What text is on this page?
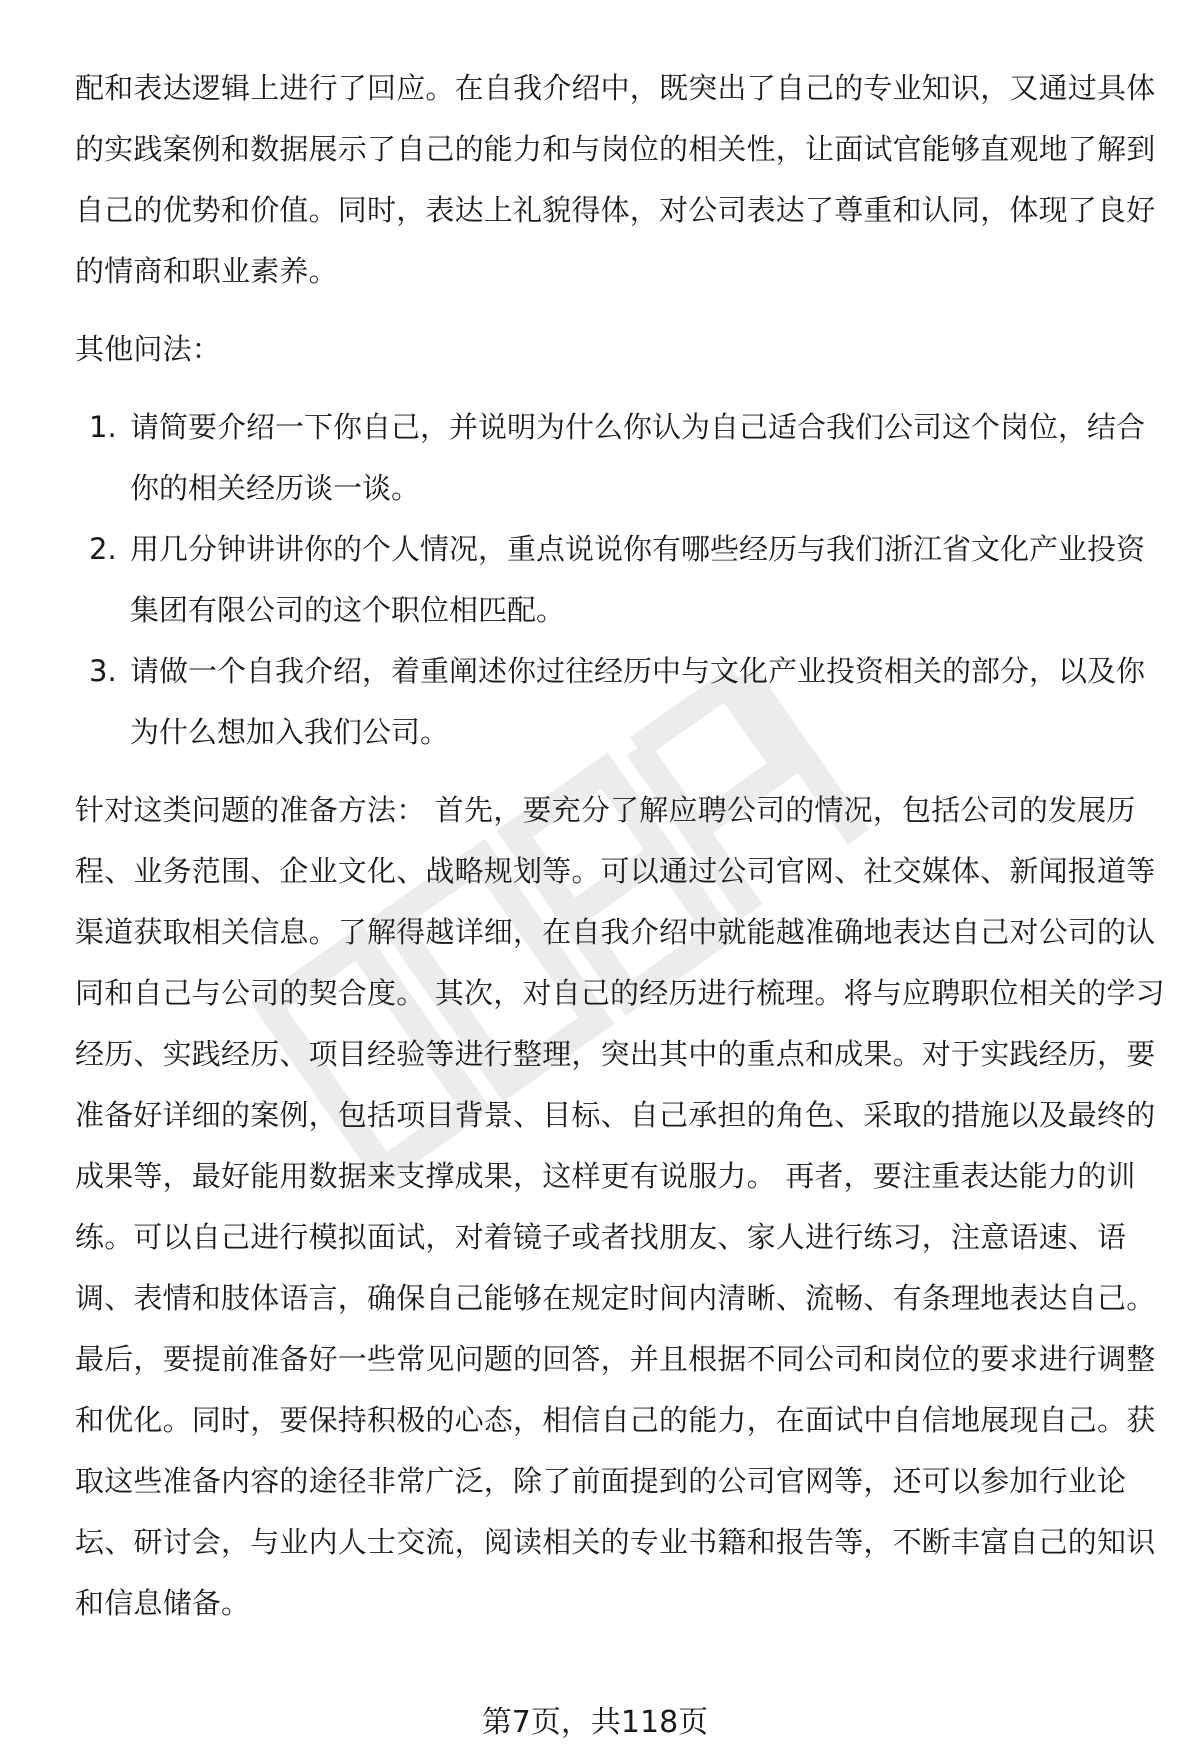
配和表达逻辑上进行了回应。在自我介绍中，既突出了自己的专业知识，又通过具体的实践案例和数据展示了自己的能力和与岗位的相关性，让面试官能够直观地了解到自己的优势和价值。同时，表达上礼貌得体，对公司表达了尊重和认同，体现了良好的情商和职业素养。

其他问法：

1. 请简要介绍一下你自己，并说明为什么你认为自己适合我们公司这个岗位，结合你的相关经历谈一谈。
2. 用几分钟讲讲你的个人情况，重点说说你有哪些经历与我们浙江省文化产业投资集团有限公司的这个职位相匹配。
3. 请做一个自我介绍，着重阐述你过往经历中与文化产业投资相关的部分，以及你为什么想加入我们公司。

针对这类问题的准备方法： 首先，要充分了解应聘公司的情况，包括公司的发展历程、业务范围、企业文化、战略规划等。可以通过公司官网、社交媒体、新闻报道等渠道获取相关信息。了解得越详细，在自我介绍中就能越准确地表达自己对公司的认同和自己与公司的契合度。 其次，对自己的经历进行梳理。将与应聘职位相关的学习经历、实践经历、项目经验等进行整理，突出其中的重点和成果。对于实践经历，要准备好详细的案例，包括项目背景、目标、自己承担的角色、采取的措施以及最终的成果等，最好能用数据来支撑成果，这样更有说服力。 再者，要注重表达能力的训练。可以自己进行模拟面试，对着镜子或者找朋友、家人进行练习，注意语速、语调、表情和肢体语言，确保自己能够在规定时间内清晰、流畅、有条理地表达自己。 最后，要提前准备好一些常见问题的回答，并且根据不同公司和岗位的要求进行调整和优化。同时，要保持积极的心态，相信自己的能力，在面试中自信地展现自己。获取这些准备内容的途径非常广泛，除了前面提到的公司官网等，还可以参加行业论坛、研讨会，与业内人士交流，阅读相关的专业书籍和报告等，不断丰富自己的知识和信息储备。

第7页，共118页
